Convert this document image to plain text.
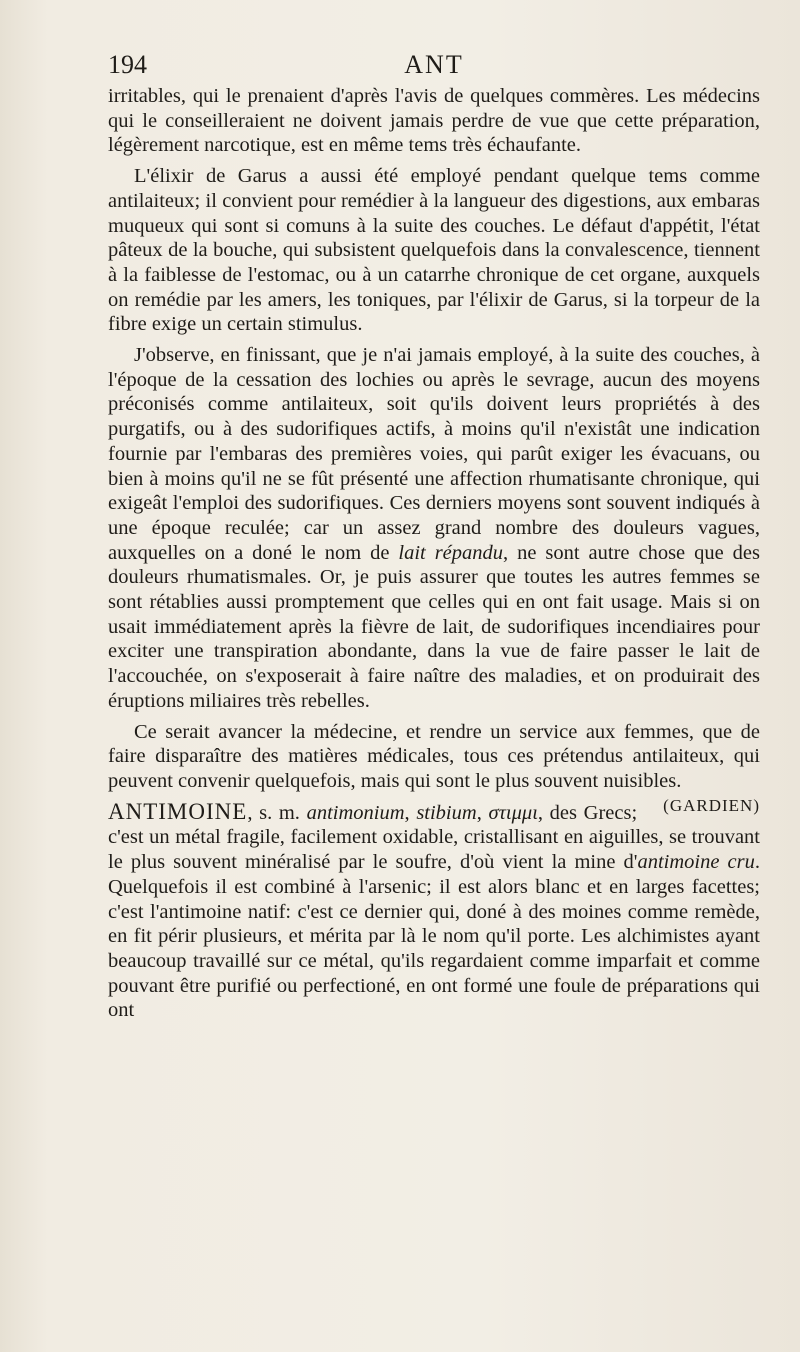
194	ANT

irritables, qui le prenaient d'après l'avis de quelques commères. Les médecins qui le conseilleraient ne doivent jamais perdre de vue que cette préparation, légèrement narcotique, est en même tems très échaufante.

L'élixir de Garus a aussi été employé pendant quelque tems comme antilaiteux; il convient pour remédier à la langueur des digestions, aux embaras muqueux qui sont si comuns à la suite des couches. Le défaut d'appétit, l'état pâteux de la bouche, qui subsistent quelquefois dans la convalescence, tiennent à la faiblesse de l'estomac, ou à un catarrhe chronique de cet organe, auxquels on remédie par les amers, les toniques, par l'élixir de Garus, si la torpeur de la fibre exige un certain stimulus.

J'observe, en finissant, que je n'ai jamais employé, à la suite des couches, à l'époque de la cessation des lochies ou après le sevrage, aucun des moyens préconisés comme antilaiteux, soit qu'ils doivent leurs propriétés à des purgatifs, ou à des sudorifiques actifs, à moins qu'il n'existât une indication fournie par l'embaras des premières voies, qui parût exiger les évacuans, ou bien à moins qu'il ne se fût présenté une affection rhumatisante chronique, qui exigeât l'emploi des sudorifiques. Ces derniers moyens sont souvent indiqués à une époque reculée; car un assez grand nombre des douleurs vagues, auxquelles on a doné le nom de lait répandu, ne sont autre chose que des douleurs rhumatismales. Or, je puis assurer que toutes les autres femmes se sont rétablies aussi promptement que celles qui en ont fait usage. Mais si on usait immédiatement après la fièvre de lait, de sudorifiques incendiaires pour exciter une transpiration abondante, dans la vue de faire passer le lait de l'accouchée, on s'exposerait à faire naître des maladies, et on produirait des éruptions miliaires très rebelles.

Ce serait avancer la médecine, et rendre un service aux femmes, que de faire disparaître des matières médicales, tous ces prétendus antilaiteux, qui peuvent convenir quelquefois, mais qui sont le plus souvent nuisibles.
(GARDIEN)

ANTIMOINE, s. m. antimonium, stibium, στιμμι, des Grecs; c'est un métal fragile, facilement oxidable, cristallisant en aiguilles, se trouvant le plus souvent minéralisé par le soufre, d'où vient la mine d'antimoine cru. Quelquefois il est combiné à l'arsenic; il est alors blanc et en larges facettes; c'est l'antimoine natif: c'est ce dernier qui, doné à des moines comme remède, en fit périr plusieurs, et mérita par là le nom qu'il porte. Les alchimistes ayant beaucoup travaillé sur ce métal, qu'ils regardaient comme imparfait et comme pouvant être purifié ou perfectioné, en ont formé une foule de préparations qui ont
